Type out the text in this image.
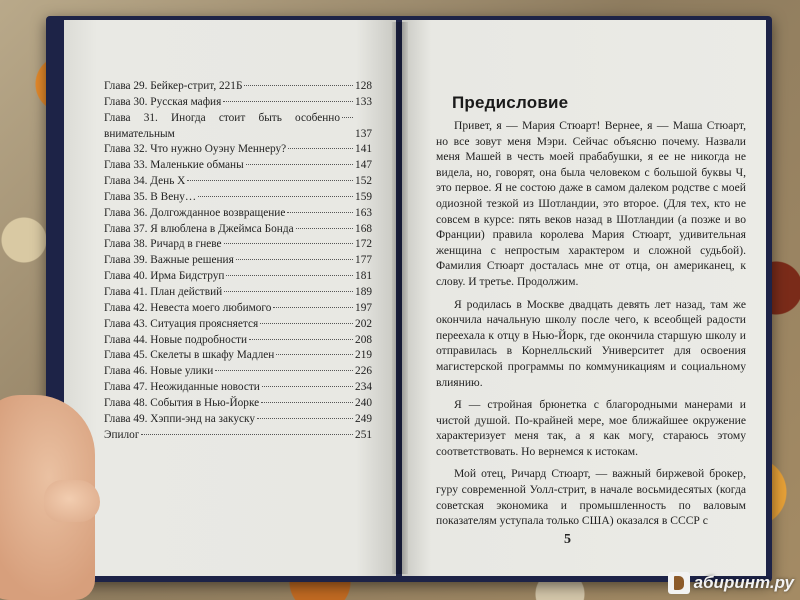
Глава 29. Бейкер-стрит, 221Б	128
Глава 30. Русская мафия	133
Глава 31. Иногда стоит быть особенно внимательным	137
Глава 32. Что нужно Оуэну Меннеру?	141
Глава 33. Маленькие обманы	147
Глава 34. День Х	152
Глава 35. В Вену…	159
Глава 36. Долгожданное возвращение	163
Глава 37. Я влюблена в Джеймса Бонда	168
Глава 38. Ричард в гневе	172
Глава 39. Важные решения	177
Глава 40. Ирма Бидструп	181
Глава 41. План действий	189
Глава 42. Невеста моего любимого	197
Глава 43. Ситуация проясняется	202
Глава 44. Новые подробности	208
Глава 45. Скелеты в шкафу Мадлен	219
Глава 46. Новые улики	226
Глава 47. Неожиданные новости	234
Глава 48. События в Нью-Йорке	240
Глава 49. Хэппи-энд на закуску	249
Эпилог	251
Предисловие

Привет, я — Мария Стюарт! Вернее, я — Маша Стюарт, но все зовут меня Мэри. Сейчас объясню почему. Назвали меня Машей в честь моей прабабушки, я ее не никогда не видела, но, говорят, она была человеком с большой буквы Ч, это первое. Я не состою даже в самом далеком родстве с моей одиозной тезкой из Шотландии, это второе. (Для тех, кто не совсем в курсе: пять веков назад в Шотландии (а позже и во Франции) правила королева Мария Стюарт, удивительная женщина с непростым характером и сложной судьбой). Фамилия Стюарт досталась мне от отца, он американец, к слову. И третье. Продолжим.

Я родилась в Москве двадцать девять лет назад, там же окончила начальную школу после чего, к всеобщей радости переехала к отцу в Нью-Йорк, где окончила старшую школу и отправилась в Корнелльский Университет для освоения магистерской программы по коммуникациям и социальному влиянию.

Я — стройная брюнетка с благородными манерами и чистой душой. По-крайней мере, мое ближайшее окружение характеризует меня так, а я как могу, стараюсь этому соответствовать. Но вернемся к истокам.

Мой отец, Ричард Стюарт, — важный биржевой брокер, гуру современной Уолл-стрит, в начале восьмидесятых (когда советская экономика и промышленность по валовым показателям уступала только США) оказался в СССР с

5
абиринт.ру
